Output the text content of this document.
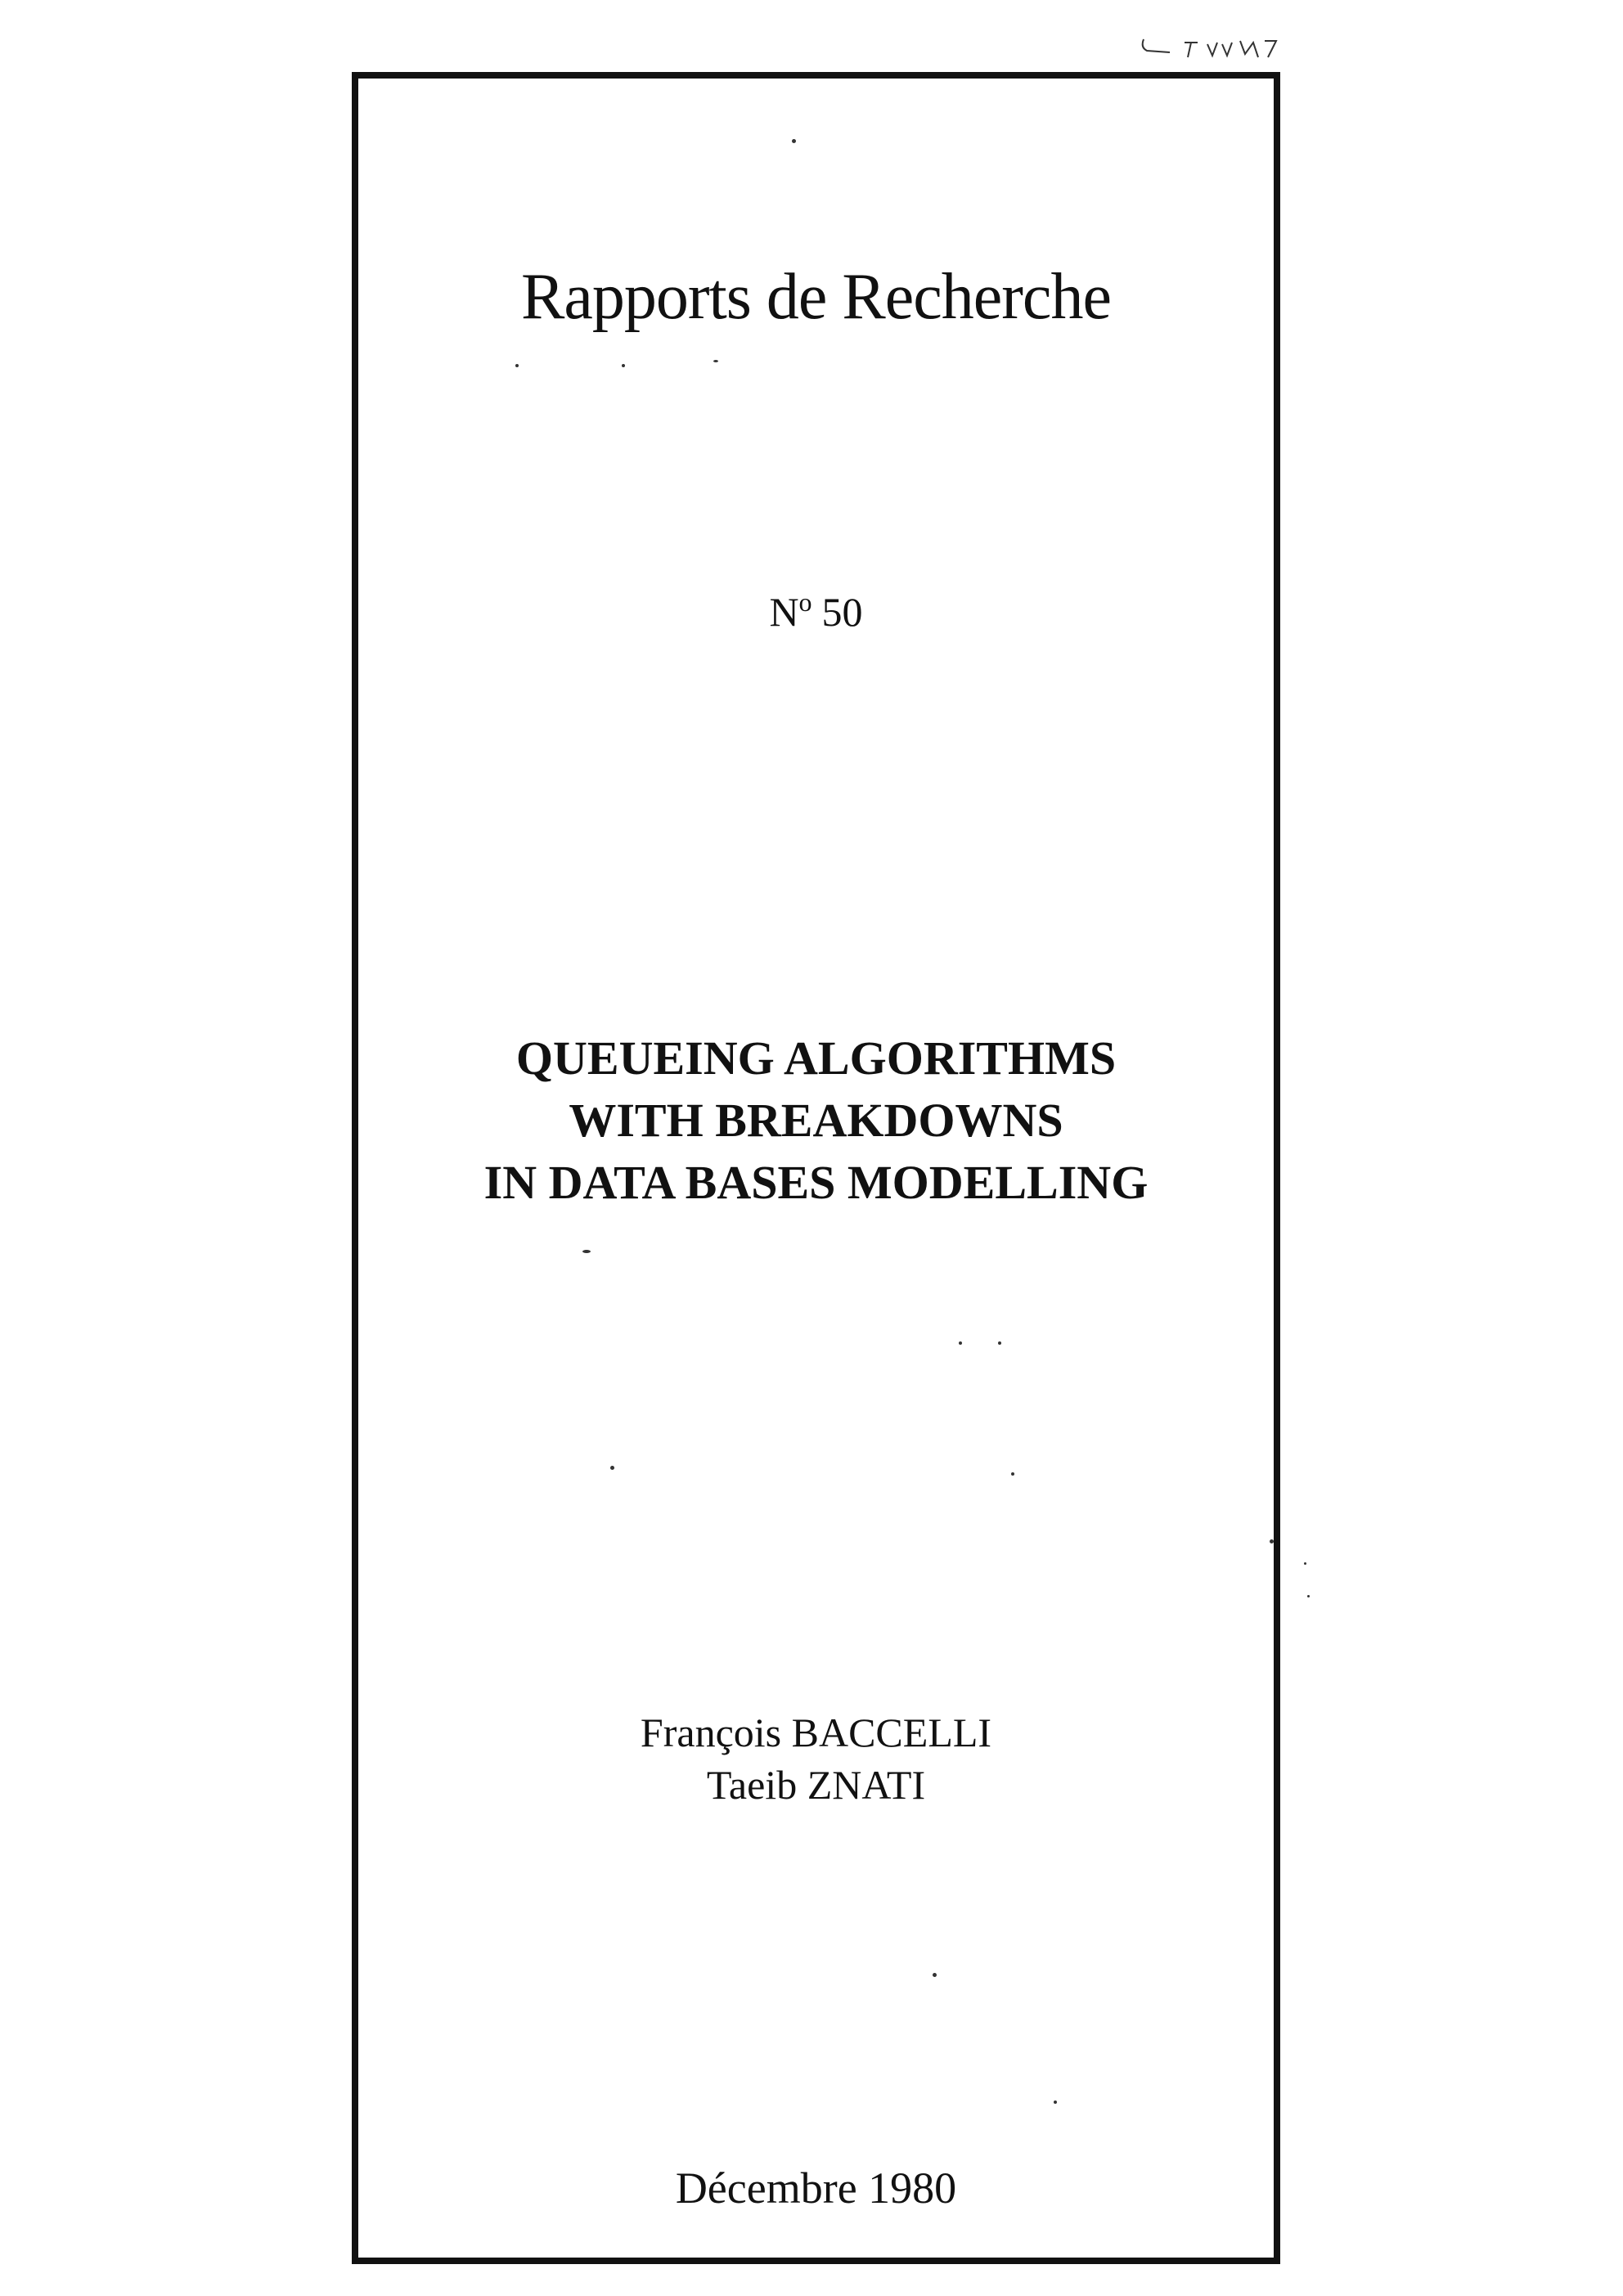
Rapports de Recherche

$N^o$ 50

QUEUEING ALGORITHMS
WITH BREAKDOWNS
IN DATA BASES MODELLING
François BACCELLI
Taeib ZNATI
Décembre 1980
